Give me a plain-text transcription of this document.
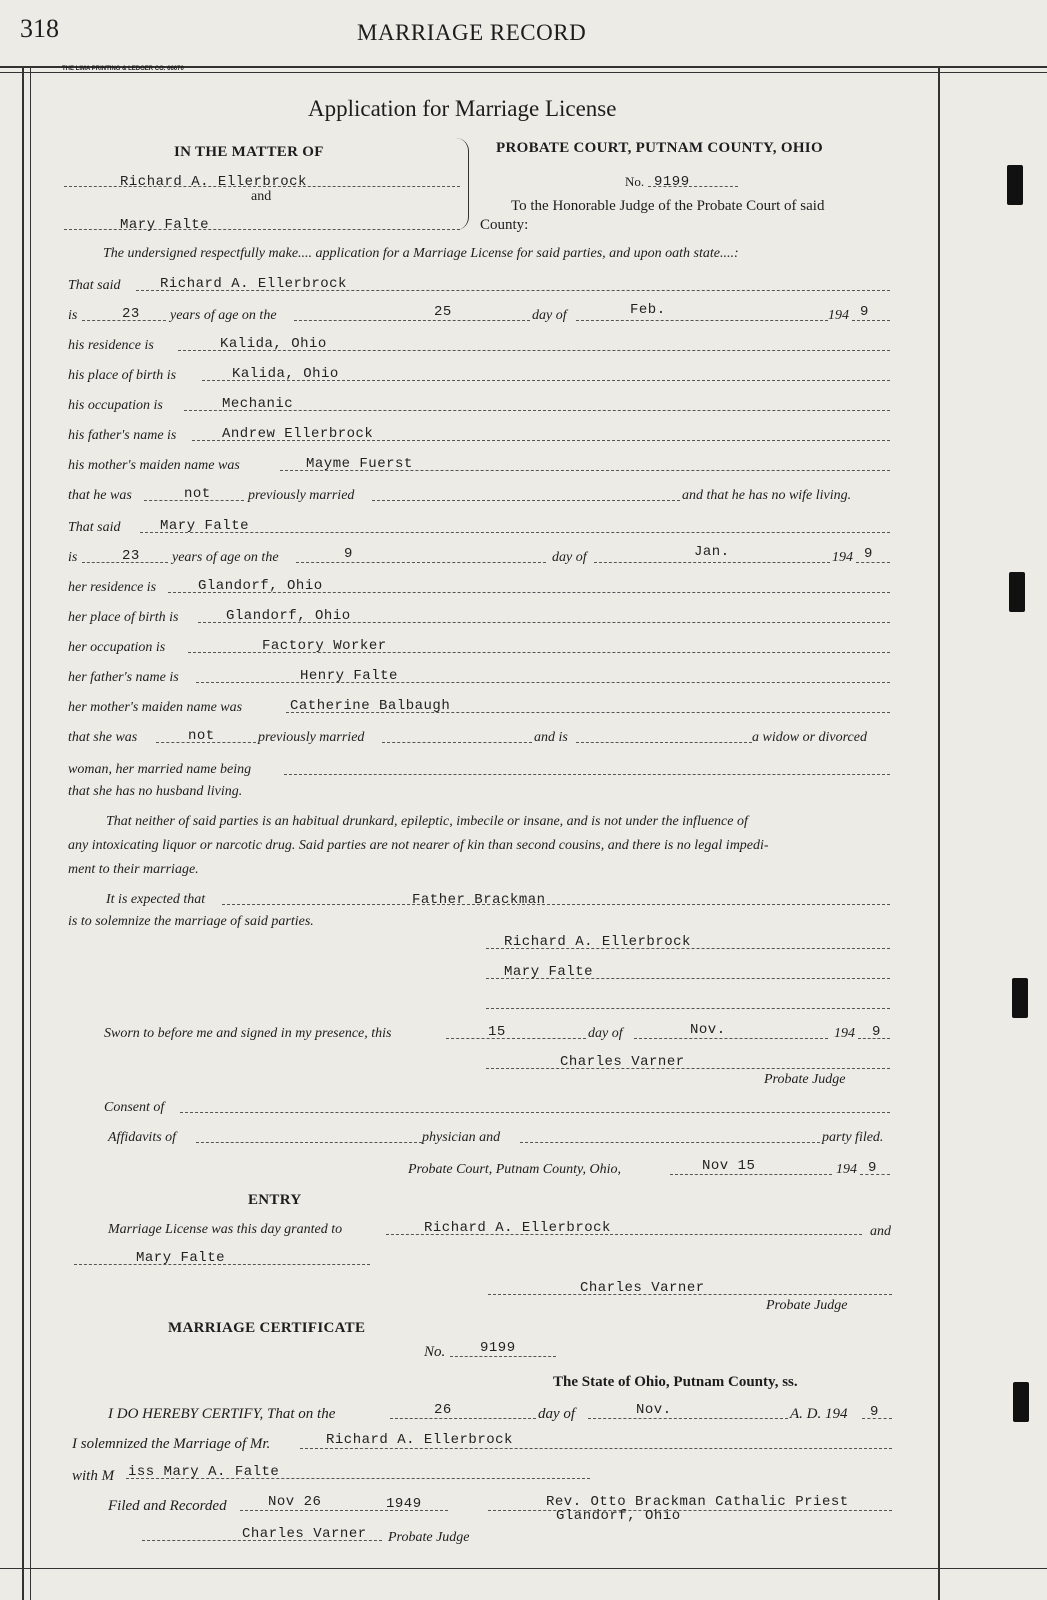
318	MARRIAGE RECORD
THE LIMA PRINTING & LEDGER CO. 66670
Application for Marriage License
IN THE MATTER OF
Richard A. Ellerbrock
and
Mary Falte
PROBATE COURT, PUTNAM COUNTY, OHIO
No. 9199
To the Honorable Judge of the Probate Court of said
County:
The undersigned respectfully make.... application for a Marriage License for said parties, and upon oath state....:
That said	Richard A. Ellerbrock
is	23 years of age on the	25	day of	Feb.	194 9
his residence is	Kalida, Ohio
his place of birth is	Kalida, Ohio
his occupation is	Mechanic
his father's name is	Andrew Ellerbrock
his mother's maiden name was	Mayme Fuerst
that he was	not	previously married	and that he has no wife living.
That said	Mary Falte
is	23 years of age on the	9	day of	Jan.	194 9
her residence is	Glandorf, Ohio
her place of birth is	Glandorf, Ohio
her occupation is	Factory Worker
her father's name is	Henry Falte
her mother's maiden name was	Catherine Balbaugh
that she was	not	previously married	and is	a widow or divorced
woman, her married name being
that she has no husband living.
That neither of said parties is an habitual drunkard, epileptic, imbecile or insane, and is not under the influence of
any intoxicating liquor or narcotic drug. Said parties are not nearer of kin than second cousins, and there is no legal impedi-
ment to their marriage.
It is expected that	Father Brackman
is to solemnize the marriage of said parties.
Richard A. Ellerbrock
Mary Falte
Sworn to before me and signed in my presence, this	15	day of	Nov.	194 9
Charles Varner
Probate Judge
Consent of
Affidavits of	physician and	party filed.
Probate Court, Putnam County, Ohio,	Nov 15	194 9
ENTRY
Marriage License was this day granted to	Richard A. Ellerbrock	and
Mary Falte
Charles Varner
Probate Judge
MARRIAGE CERTIFICATE
No. 9199
The State of Ohio, Putnam County, ss.
I DO HEREBY CERTIFY, That on the	26	day of	Nov.	A. D. 194 9
I solemnized the Marriage of Mr.	Richard A. Ellerbrock
with M iss Mary A. Falte
Filed and Recorded	Nov 26	1949	Rev. Otto Brackman Cathalic Priest
Glandorf, Ohio
Charles Varner Probate Judge
